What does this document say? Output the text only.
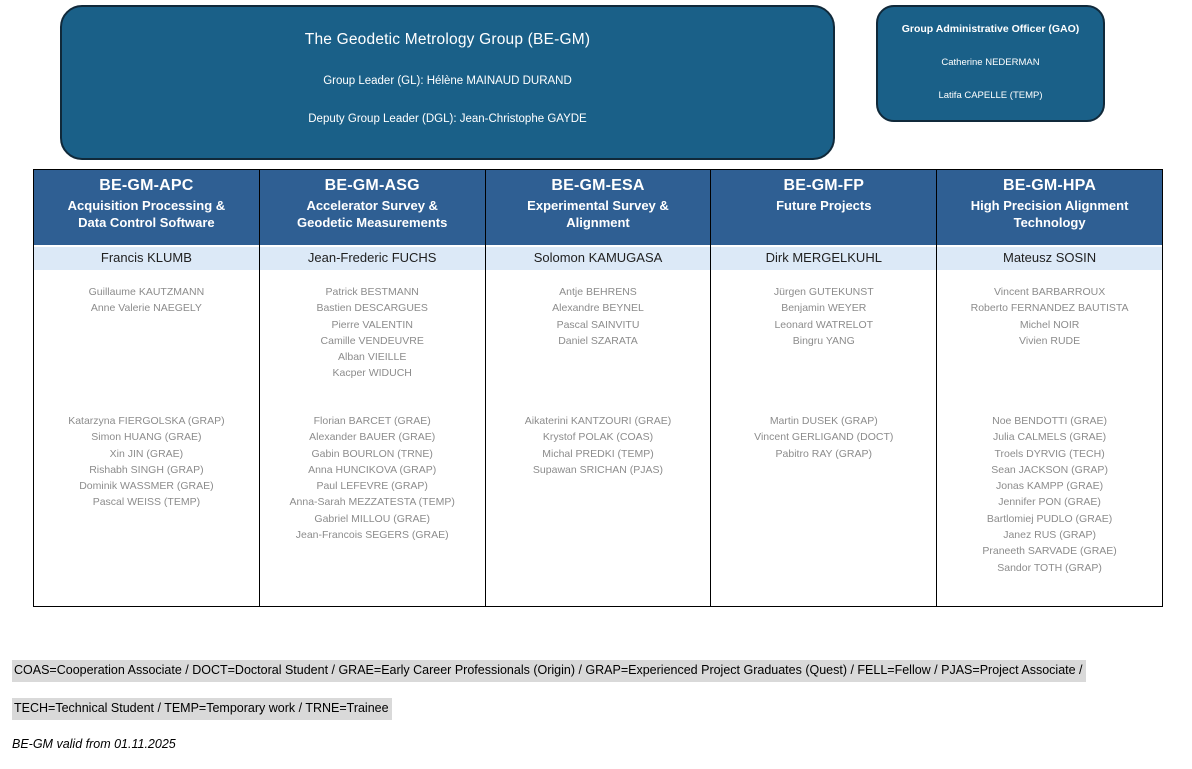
The Geodetic Metrology Group (BE-GM)
Group Leader (GL): Hélène MAINAUD DURAND
Deputy Group Leader (DGL): Jean-Christophe GAYDE
Group Administrative Officer (GAO)
Catherine NEDERMAN
Latifa CAPELLE (TEMP)
BE-GM-APC
Acquisition Processing & Data Control Software
Francis KLUMB
Guillaume KAUTZMANN
Anne Valerie NAEGELY
Katarzyna FIERGOLSKA (GRAP)
Simon HUANG (GRAE)
Xin JIN (GRAE)
Rishabh SINGH (GRAP)
Dominik WASSMER (GRAE)
Pascal WEISS (TEMP)
BE-GM-ASG
Accelerator Survey & Geodetic Measurements
Jean-Frederic FUCHS
Patrick BESTMANN
Bastien DESCARGUES
Pierre VALENTIN
Camille VENDEUVRE
Alban VIEILLE
Kacper WIDUCH
Florian BARCET (GRAE)
Alexander BAUER (GRAE)
Gabin BOURLON (TRNE)
Anna HUNCIKOVA (GRAP)
Paul LEFEVRE (GRAP)
Anna-Sarah MEZZATESTA (TEMP)
Gabriel MILLOU (GRAE)
Jean-Francois SEGERS (GRAE)
BE-GM-ESA
Experimental Survey & Alignment
Solomon KAMUGASA
Antje BEHRENS
Alexandre BEYNEL
Pascal SAINVITU
Daniel SZARATA
Aikaterini KANTZOURI (GRAE)
Krystof POLAK (COAS)
Michal PREDKI (TEMP)
Supawan SRICHAN (PJAS)
BE-GM-FP
Future Projects
Dirk MERGELKUHL
Jürgen GUTEKUNST
Benjamin WEYER
Leonard WATRELOT
Bingru YANG
Martin DUSEK (GRAP)
Vincent GERLIGAND (DOCT)
Pabitro RAY (GRAP)
BE-GM-HPA
High Precision Alignment Technology
Mateusz SOSIN
Vincent BARBARROUX
Roberto FERNANDEZ BAUTISTA
Michel NOIR
Vivien RUDE
Noe BENDOTTI (GRAE)
Julia CALMELS (GRAE)
Troels DYRVIG (TECH)
Sean JACKSON (GRAP)
Jonas KAMPP (GRAE)
Jennifer PON (GRAE)
Bartlomiej PUDLO (GRAE)
Janez RUS (GRAP)
Praneeth SARVADE (GRAE)
Sandor TOTH (GRAP)
COAS=Cooperation Associate / DOCT=Doctoral Student / GRAE=Early Career Professionals (Origin) / GRAP=Experienced Project Graduates (Quest) / FELL=Fellow / PJAS=Project Associate /
TECH=Technical Student / TEMP=Temporary work / TRNE=Trainee
BE-GM valid from 01.11.2025
